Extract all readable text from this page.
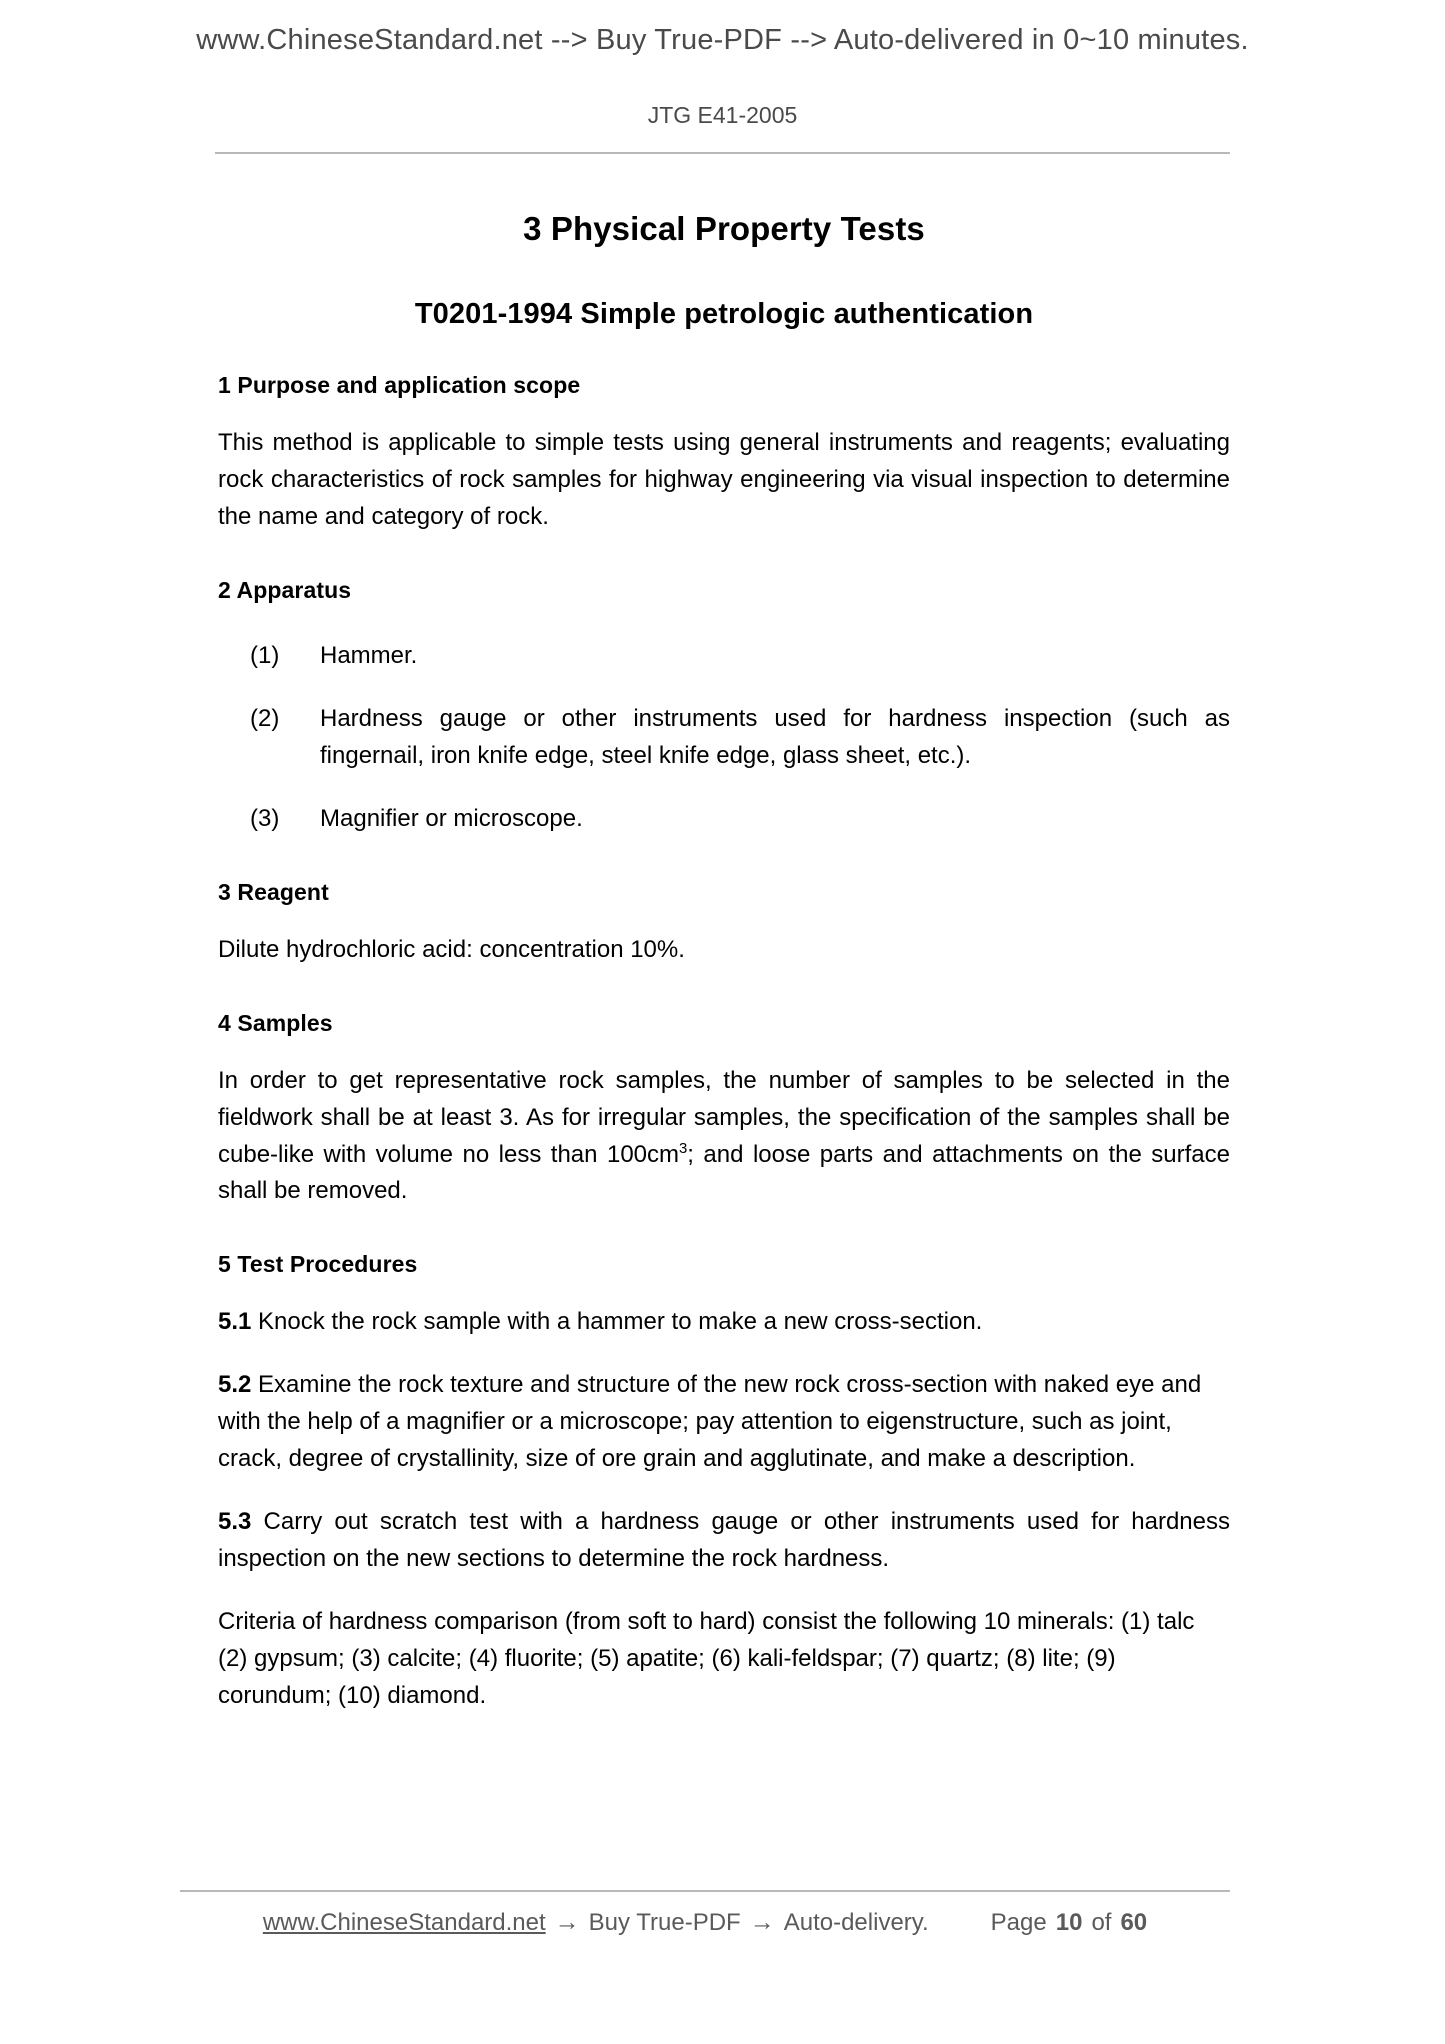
www.ChineseStandard.net --> Buy True-PDF --> Auto-delivered in 0~10 minutes.
JTG E41-2005
3 Physical Property Tests
T0201-1994 Simple petrologic authentication
1 Purpose and application scope

This method is applicable to simple tests using general instruments and reagents; evaluating rock characteristics of rock samples for highway engineering via visual inspection to determine the name and category of rock.

2 Apparatus
(1) Hammer.
(2) Hardness gauge or other instruments used for hardness inspection (such as fingernail, iron knife edge, steel knife edge, glass sheet, etc.).
(3) Magnifier or microscope.
3 Reagent

Dilute hydrochloric acid: concentration 10%.

4 Samples

In order to get representative rock samples, the number of samples to be selected in the fieldwork shall be at least 3. As for irregular samples, the specification of the samples shall be cube-like with volume no less than $100cm^3$; and loose parts and attachments on the surface shall be removed.

5 Test Procedures

5.1 Knock the rock sample with a hammer to make a new cross-section.

5.2 Examine the rock texture and structure of the new rock cross-section with naked eye and with the help of a magnifier or a microscope; pay attention to eigenstructure, such as joint, crack, degree of crystallinity, size of ore grain and agglutinate, and make a description.

5.3 Carry out scratch test with a hardness gauge or other instruments used for hardness inspection on the new sections to determine the rock hardness.

Criteria of hardness comparison (from soft to hard) consist the following 10 minerals: (1) talc (2) gypsum; (3) calcite; (4) fluorite; (5) apatite; (6) kali-feldspar; (7) quartz; (8) lite; (9) corundum; (10) diamond.

www.ChineseStandard.net → Buy True-PDF → Auto-delivery.	Page 10 of 60
